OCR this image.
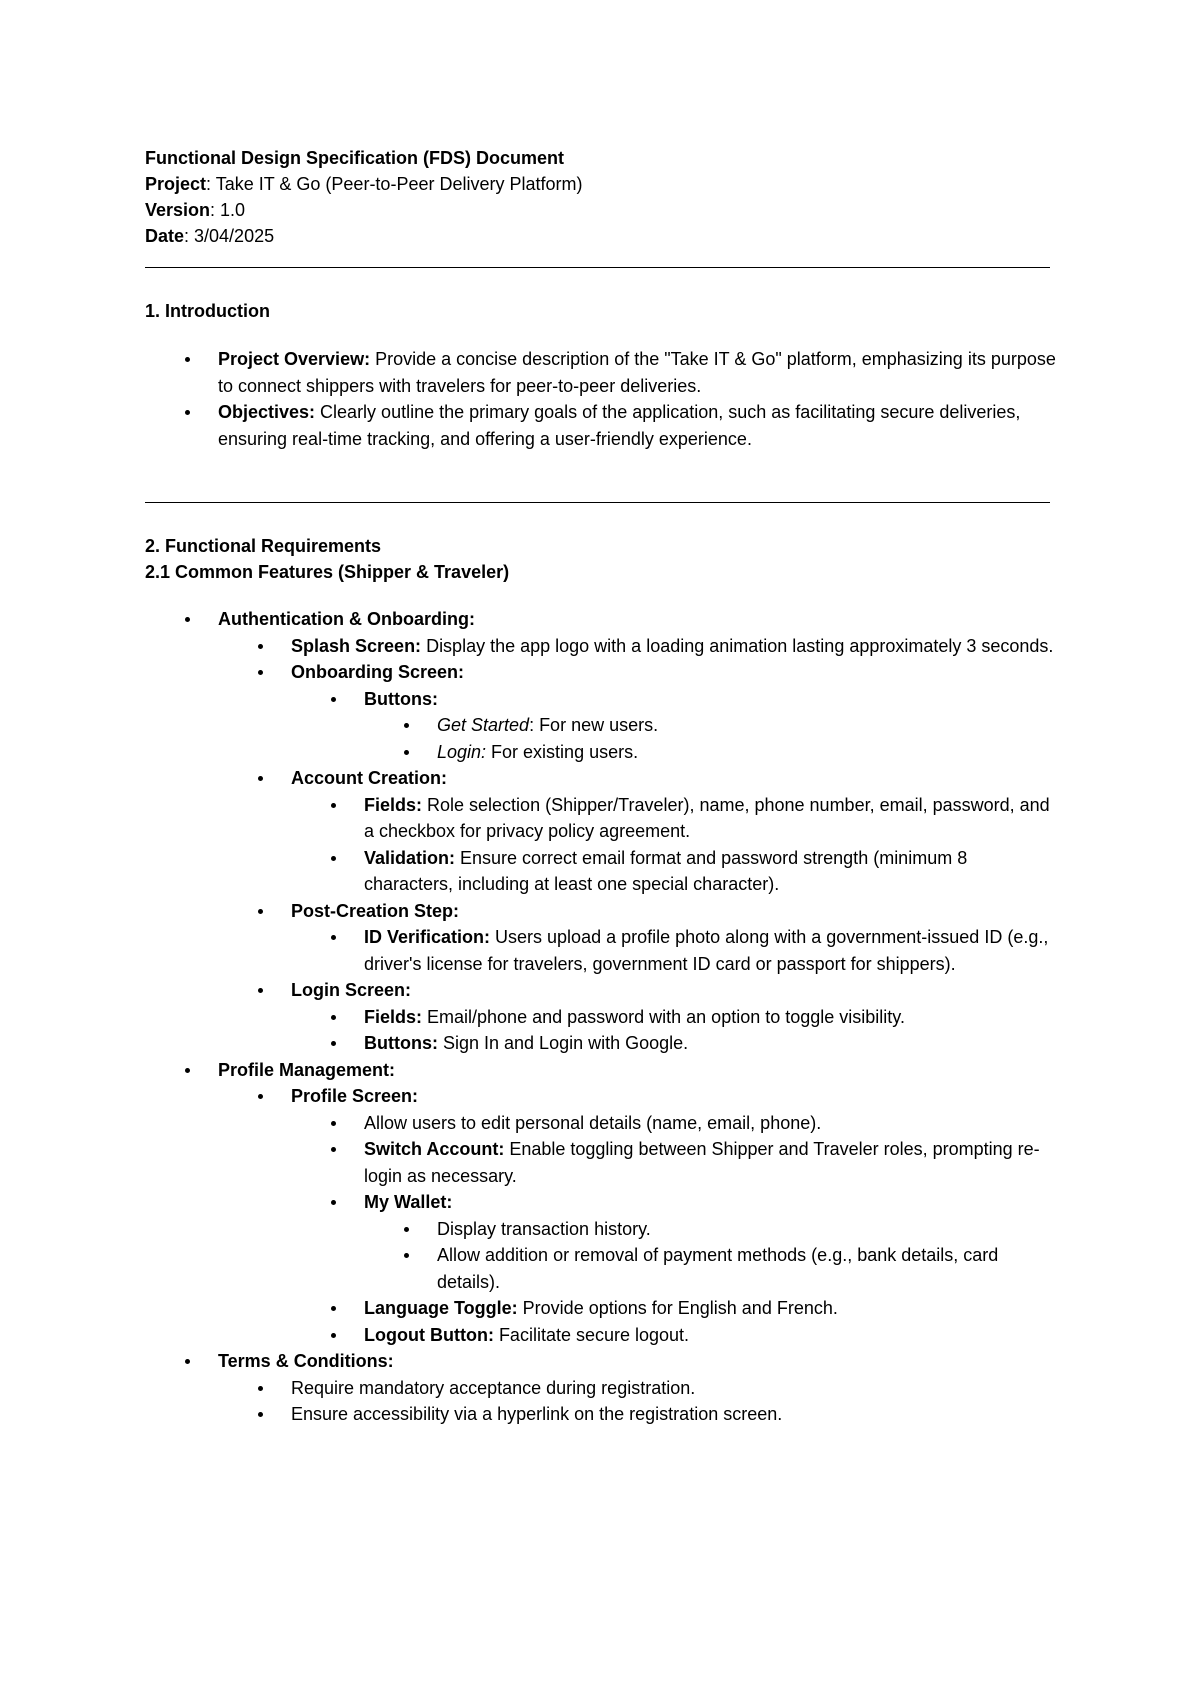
Functional Design Specification (FDS) Document

Project: Take IT & Go (Peer-to-Peer Delivery Platform)

Version: 1.0

Date: 3/04/2025

1. Introduction

Project Overview: Provide a concise description of the "Take IT & Go" platform, emphasizing its purpose to connect shippers with travelers for peer-to-peer deliveries.
Objectives: Clearly outline the primary goals of the application, such as facilitating secure deliveries, ensuring real-time tracking, and offering a user-friendly experience.

2. Functional Requirements

2.1 Common Features (Shipper & Traveler)

Authentication & Onboarding:
Splash Screen: Display the app logo with a loading animation lasting approximately 3 seconds.
Onboarding Screen:
Buttons:
Get Started: For new users.
Login: For existing users.
Account Creation:
Fields: Role selection (Shipper/Traveler), name, phone number, email, password, and a checkbox for privacy policy agreement.
Validation: Ensure correct email format and password strength (minimum 8 characters, including at least one special character).
Post-Creation Step:
ID Verification: Users upload a profile photo along with a government-issued ID (e.g., driver's license for travelers, government ID card or passport for shippers).
Login Screen:
Fields: Email/phone and password with an option to toggle visibility.
Buttons: Sign In and Login with Google.
Profile Management:
Profile Screen:
Allow users to edit personal details (name, email, phone).
Switch Account: Enable toggling between Shipper and Traveler roles, prompting re-login as necessary.
My Wallet:
Display transaction history.
Allow addition or removal of payment methods (e.g., bank details, card details).
Language Toggle: Provide options for English and French.
Logout Button: Facilitate secure logout.
Terms & Conditions:
Require mandatory acceptance during registration.
Ensure accessibility via a hyperlink on the registration screen.
